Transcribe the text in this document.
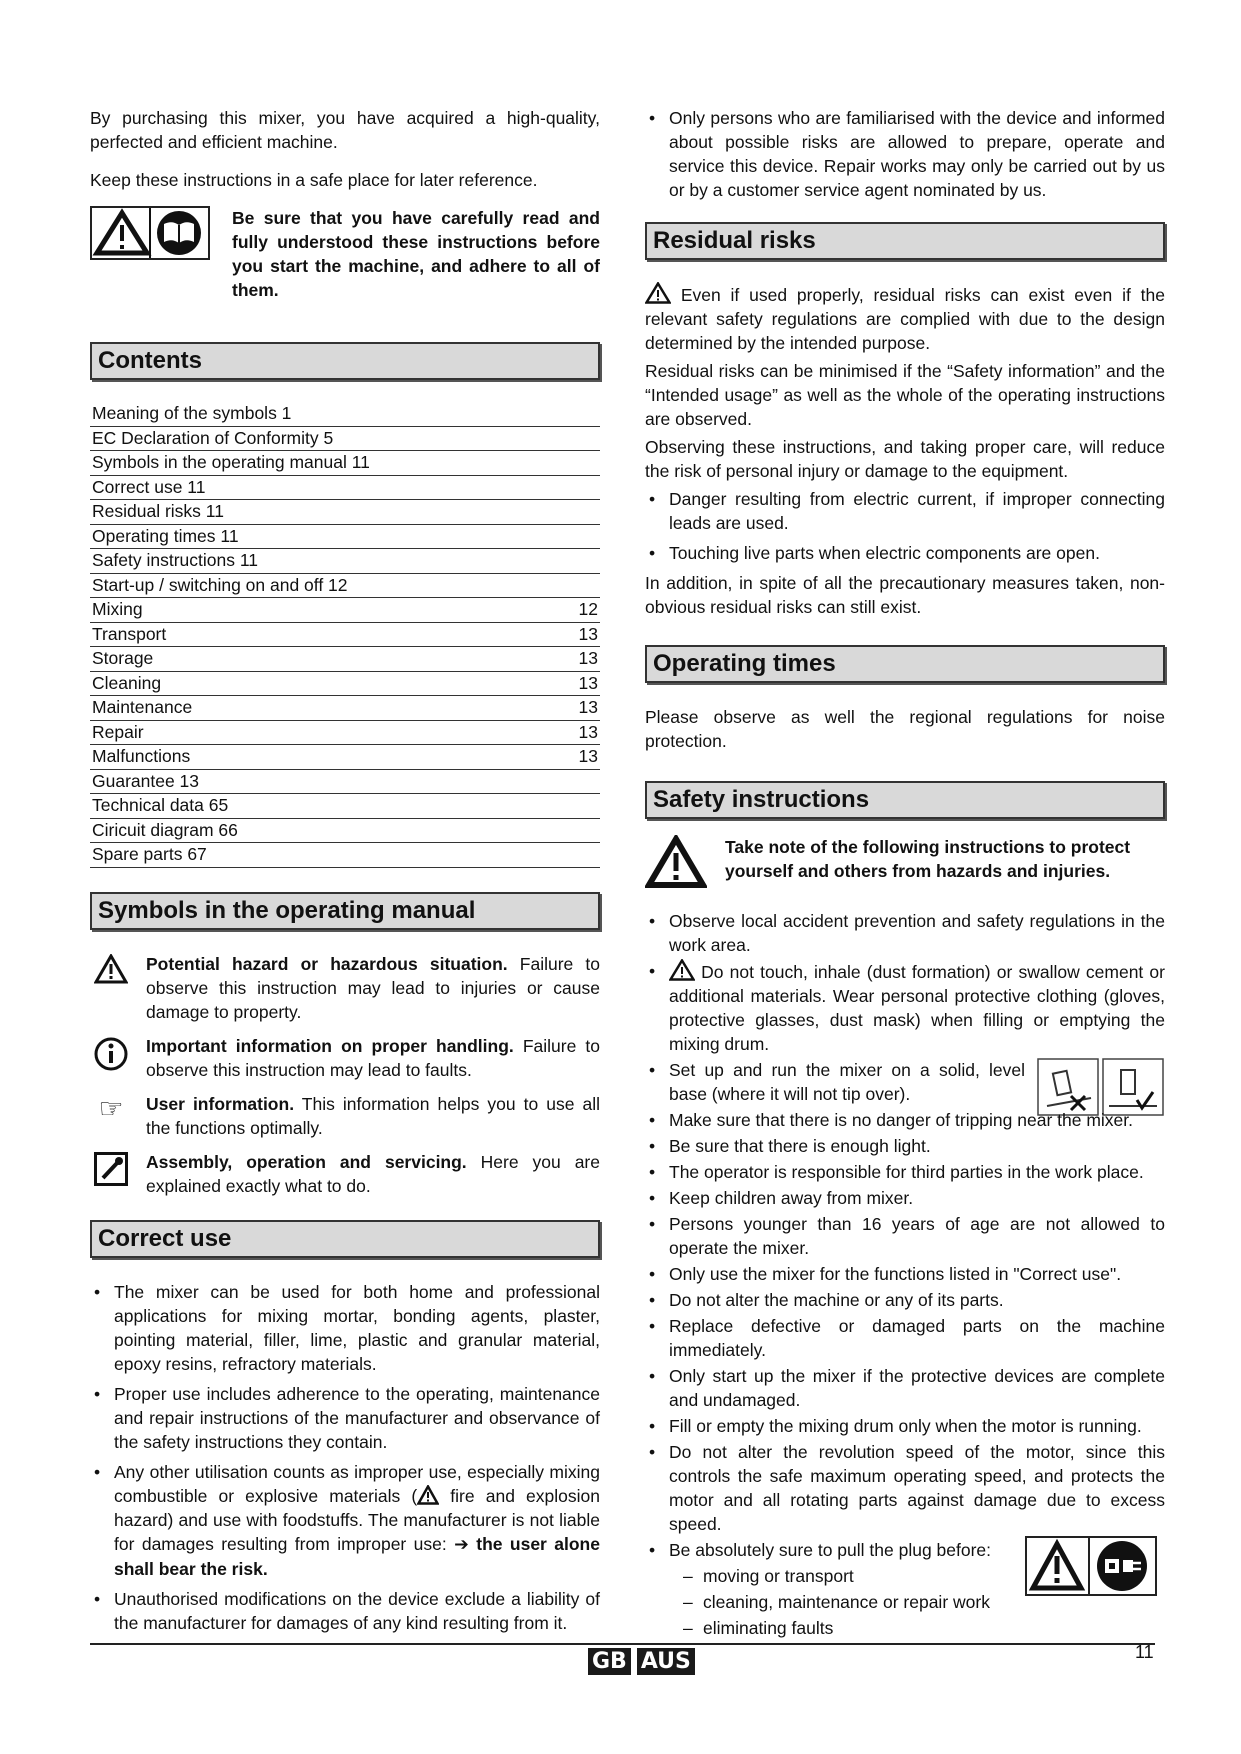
By purchasing this mixer, you have acquired a high-quality, perfected and efficient machine.

Keep these instructions in a safe place for later reference.

Be sure that you have carefully read and fully understood these instructions before you start the machine, and adhere to all of them.
Contents
Meaning of the symbols 1
EC Declaration of Conformity 5
Symbols in the operating manual 11
Correct use 11
Residual risks 11
Operating times 11
Safety instructions 11
Start-up / switching on and off 12
Mixing	12
Transport	13
Storage	13
Cleaning	13
Maintenance	13
Repair	13
Malfunctions	13
Guarantee 13
Technical data 65
Ciricuit diagram 66
Spare parts 67
Symbols in the operating manual

Potential hazard or hazardous situation. Failure to observe this instruction may lead to injuries or cause damage to property.

Important information on proper handling. Failure to observe this instruction may lead to faults.

☞	User information. This information helps you to use all the functions optimally.

Assembly, operation and servicing. Here you are explained exactly what to do.

Correct use
• The mixer can be used for both home and professional applications for mixing mortar, bonding agents, plaster, pointing material, filler, lime, plastic and granular material, epoxy resins, refractory materials.
• Proper use includes adherence to the operating, maintenance and repair instructions of the manufacturer and observance of the safety instructions they contain.
• Any other utilisation counts as improper use, especially mixing combustible or explosive materials ( fire and explosion hazard) and use with foodstuffs. The manufacturer is not liable for damages resulting from improper use: ➔ the user alone shall bear the risk.
• Unauthorised modifications on the device exclude a liability of the manufacturer for damages of any kind resulting from it.
• Only persons who are familiarised with the device and informed about possible risks are allowed to prepare, operate and service this device. Repair works may only be carried out by us or by a customer service agent nominated by us.
Residual risks

Even if used properly, residual risks can exist even if the relevant safety regulations are complied with due to the design determined by the intended purpose.

Residual risks can be minimised if the “Safety information” and the “Intended usage” as well as the whole of the operating instructions are observed.

Observing these instructions, and taking proper care, will reduce the risk of personal injury or damage to the equipment.

• Danger resulting from electric current, if improper connecting leads are used.
• Touching live parts when electric components are open.

In addition, in spite of all the precautionary measures taken, non-obvious residual risks can still exist.

Operating times

Please observe as well the regional regulations for noise protection.

Safety instructions
Take note of the following instructions to protect yourself and others from hazards and injuries.
• Observe local accident prevention and safety regulations in the work area.
• Do not touch, inhale (dust formation) or swallow cement or additional materials. Wear personal protective clothing (gloves, protective glasses, dust mask) when filling or emptying the mixing drum.
• Set up and run the mixer on a solid, level base (where it will not tip over).
• Make sure that there is no danger of tripping near the mixer.
• Be sure that there is enough light.
• The operator is responsible for third parties in the work place.
• Keep children away from mixer.
• Persons younger than 16 years of age are not allowed to operate the mixer.
• Only use the mixer for the functions listed in "Correct use".
• Do not alter the machine or any of its parts.
• Replace defective or damaged parts on the machine immediately.
• Only start up the mixer if the protective devices are complete and undamaged.
• Fill or empty the mixing drum only when the motor is running.
• Do not alter the revolution speed of the motor, since this controls the safe maximum operating speed, and protects the motor and all rotating parts against damage due to excess speed.
• Be absolutely sure to pull the plug before:
– moving or transport
– cleaning, maintenance or repair work
– eliminating faults
GB AUS	11
